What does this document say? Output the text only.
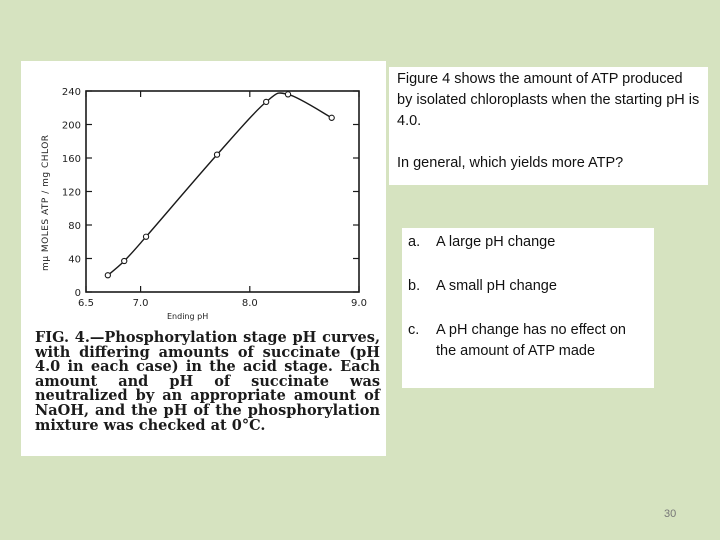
0
40
80
120
160
200
240
6.5	7.0	8.0	9.0
mμ MOLES ATP / mg CHLOR
Ending pH
FIG. 4.—Phosphorylation stage pH curves, with differing amounts of succinate (pH 4.0 in each case) in the acid stage. Each amount and pH of succinate was neutralized by an appropriate amount of NaOH, and the pH of the phosphorylation mixture was checked at 0°C.

Figure 4 shows the amount of ATP produced by isolated chloroplasts when the starting pH is 4.0.

In general, which yields more ATP?

a.	A large pH change
b.	A small pH change
c.	A pH change has no effect on the amount of ATP made
30
